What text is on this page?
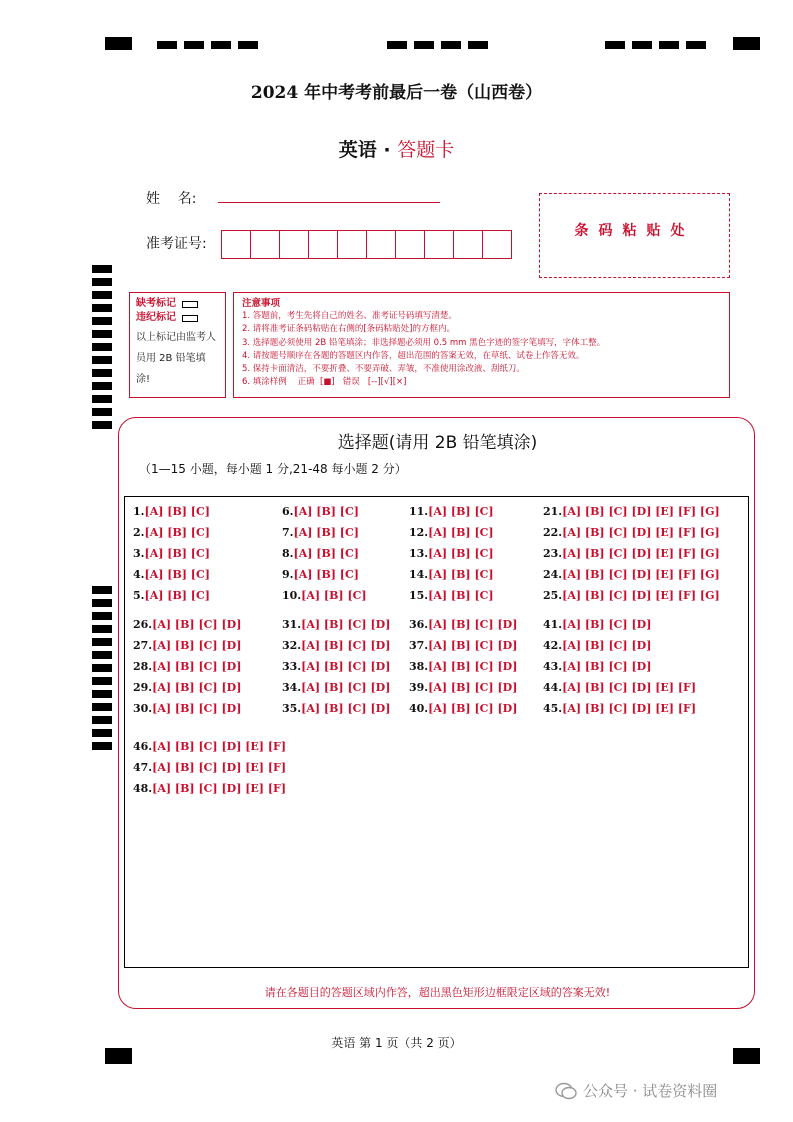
2024 年中考考前最后一卷（山西卷）
英语 · 答题卡
姓    名:
准考证号:
条码粘贴处
缺考标记
违纪标记
以上标记由监考人员用 2B 铅笔填涂!
注意事项
1. 答题前，考生先将自己的姓名、准考证号码填写清楚。
2. 请将准考证条码粘贴在右侧的[条码粘贴处]的方框内。
3. 选择题必须使用 2B 铅笔填涂；非选择题必须用 0.5 mm 黑色字迹的签字笔填写，字体工整。
4. 请按题号顺序在各题的答题区内作答，超出范围的答案无效，在草纸、试卷上作答无效。
5. 保持卡面清洁，不要折叠、不要弄破、弄皱，不准使用涂改液、刮纸刀。
6. 填涂样例    正确  [■]   错误   [--][√][×]
选择题(请用 2B 铅笔填涂)
（1—15 小题，每小题 1 分,21-48 每小题 2 分）
1.[A] [B] [C]	6.[A] [B] [C]	11.[A] [B] [C]	21.[A] [B] [C] [D] [E] [F] [G]
26.[A] [B] [C] [D]	31.[A] [B] [C] [D] 36.[A] [B] [C] [D] 41.[A] [B] [C] [D]
2.[A] [B] [C]	7.[A] [B] [C]	12.[A] [B] [C]	22.[A] [B] [C] [D] [E] [F] [G]
27.[A] [B] [C] [D]	32.[A] [B] [C] [D] 37.[A] [B] [C] [D] 42.[A] [B] [C] [D]
3.[A] [B] [C]	8.[A] [B] [C]	13.[A] [B] [C]	23.[A] [B] [C] [D] [E] [F] [G]
28.[A] [B] [C] [D]	33.[A] [B] [C] [D] 38.[A] [B] [C] [D] 43.[A] [B] [C] [D]
4.[A] [B] [C]	9.[A] [B] [C]	14.[A] [B] [C]	24.[A] [B] [C] [D] [E] [F] [G]
29.[A] [B] [C] [D]	34.[A] [B] [C] [D] 39.[A] [B] [C] [D] 44.[A] [B] [C] [D] [E] [F]
5.[A] [B] [C]	10.[A] [B] [C]	15.[A] [B] [C]	25.[A] [B] [C] [D] [E] [F] [G]
30.[A] [B] [C] [D]	35.[A] [B] [C] [D] 40.[A] [B] [C] [D] 45.[A] [B] [C] [D] [E] [F]
46.[A] [B] [C] [D] [E] [F]
47.[A] [B] [C] [D] [E] [F]
48.[A] [B] [C] [D] [E] [F]
请在各题目的答题区域内作答，超出黑色矩形边框限定区域的答案无效!
英语 第 1 页（共 2 页）
公众号 · 试卷资料圈
